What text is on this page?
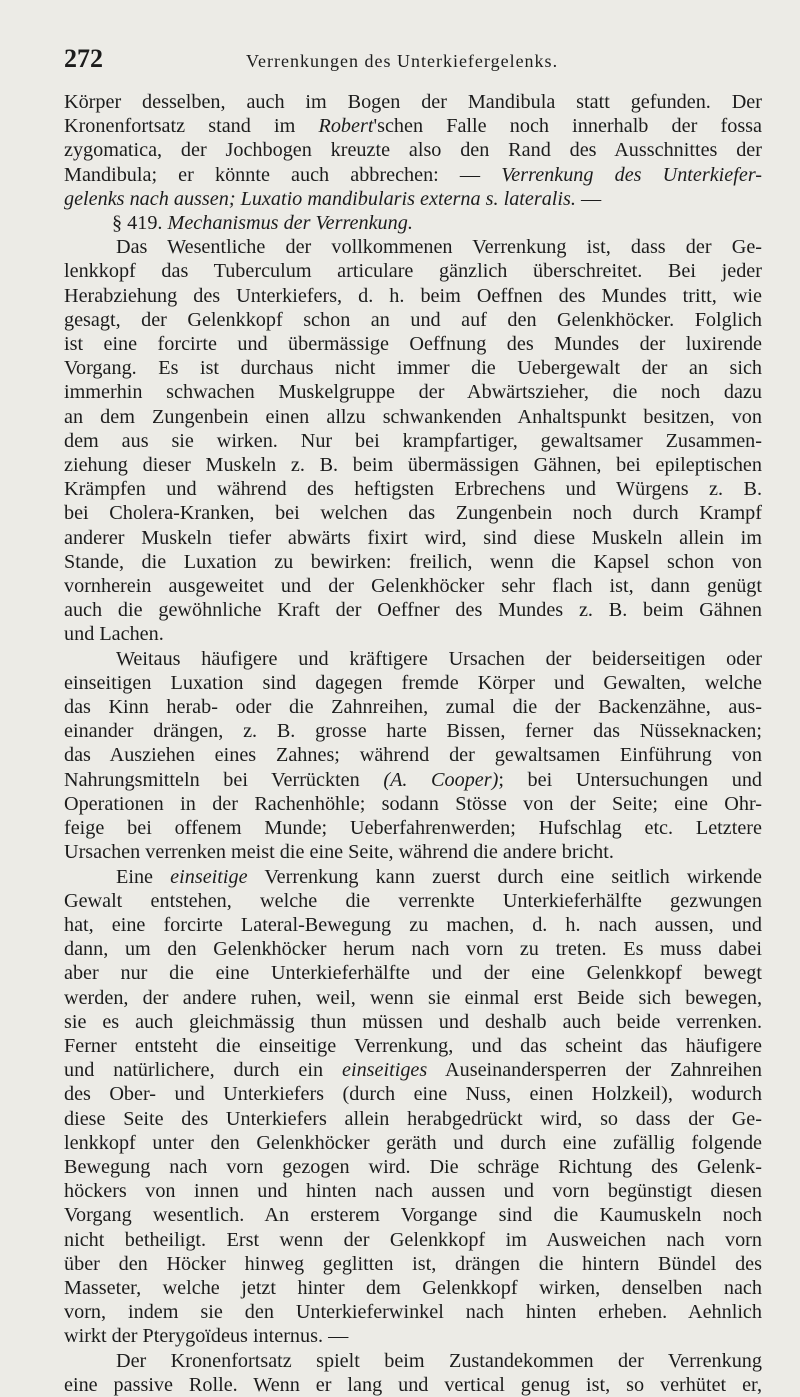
272	Verrenkungen des Unterkiefergelenks.
Körper desselben, auch im Bogen der Mandibula statt gefunden. Der
Kronenfortsatz stand im Robert'schen Falle noch innerhalb der fossa
zygomatica, der Jochbogen kreuzte also den Rand des Ausschnittes der
Mandibula; er könnte auch abbrechen: — Verrenkung des Unterkiefer-
gelenks nach aussen; Luxatio mandibularis externa s. lateralis. —
§ 419. Mechanismus der Verrenkung.
Das Wesentliche der vollkommenen Verrenkung ist, dass der Ge-
lenkkopf das Tuberculum articulare gänzlich überschreitet. Bei jeder
Herabziehung des Unterkiefers, d. h. beim Oeffnen des Mundes tritt, wie
gesagt, der Gelenkkopf schon an und auf den Gelenkhöcker. Folglich
ist eine forcirte und übermässige Oeffnung des Mundes der luxirende
Vorgang. Es ist durchaus nicht immer die Uebergewalt der an sich
immerhin schwachen Muskelgruppe der Abwärtszieher, die noch dazu
an dem Zungenbein einen allzu schwankenden Anhaltspunkt besitzen, von
dem aus sie wirken. Nur bei krampfartiger, gewaltsamer Zusammen-
ziehung dieser Muskeln z. B. beim übermässigen Gähnen, bei epileptischen
Krämpfen und während des heftigsten Erbrechens und Würgens z. B.
bei Cholera-Kranken, bei welchen das Zungenbein noch durch Krampf
anderer Muskeln tiefer abwärts fixirt wird, sind diese Muskeln allein im
Stande, die Luxation zu bewirken: freilich, wenn die Kapsel schon von
vornherein ausgeweitet und der Gelenkhöcker sehr flach ist, dann genügt
auch die gewöhnliche Kraft der Oeffner des Mundes z. B. beim Gähnen
und Lachen.
Weitaus häufigere und kräftigere Ursachen der beiderseitigen oder
einseitigen Luxation sind dagegen fremde Körper und Gewalten, welche
das Kinn herab- oder die Zahnreihen, zumal die der Backenzähne, aus-
einander drängen, z. B. grosse harte Bissen, ferner das Nüsseknacken;
das Ausziehen eines Zahnes; während der gewaltsamen Einführung von
Nahrungsmitteln bei Verrückten (A. Cooper); bei Untersuchungen und
Operationen in der Rachenhöhle; sodann Stösse von der Seite; eine Ohr-
feige bei offenem Munde; Ueberfahrenwerden; Hufschlag etc. Letztere
Ursachen verrenken meist die eine Seite, während die andere bricht.
Eine einseitige Verrenkung kann zuerst durch eine seitlich wirkende
Gewalt entstehen, welche die verrenkte Unterkieferhälfte gezwungen
hat, eine forcirte Lateral-Bewegung zu machen, d. h. nach aussen, und
dann, um den Gelenkhöcker herum nach vorn zu treten. Es muss dabei
aber nur die eine Unterkieferhälfte und der eine Gelenkkopf bewegt
werden, der andere ruhen, weil, wenn sie einmal erst Beide sich bewegen,
sie es auch gleichmässig thun müssen und deshalb auch beide verrenken.
Ferner entsteht die einseitige Verrenkung, und das scheint das häufigere
und natürlichere, durch ein einseitiges Auseinandersperren der Zahnreihen
des Ober- und Unterkiefers (durch eine Nuss, einen Holzkeil), wodurch
diese Seite des Unterkiefers allein herabgedrückt wird, so dass der Ge-
lenkkopf unter den Gelenkhöcker geräth und durch eine zufällig folgende
Bewegung nach vorn gezogen wird. Die schräge Richtung des Gelenk-
höckers von innen und hinten nach aussen und vorn begünstigt diesen
Vorgang wesentlich. An ersterem Vorgange sind die Kaumuskeln noch
nicht betheiligt. Erst wenn der Gelenkkopf im Ausweichen nach vorn
über den Höcker hinweg geglitten ist, drängen die hintern Bündel des
Masseter, welche jetzt hinter dem Gelenkkopf wirken, denselben nach
vorn, indem sie den Unterkieferwinkel nach hinten erheben. Aehnlich
wirkt der Pterygoïdeus internus. —
Der Kronenfortsatz spielt beim Zustandekommen der Verrenkung
eine passive Rolle. Wenn er lang und vertical genug ist, so verhütet er,
